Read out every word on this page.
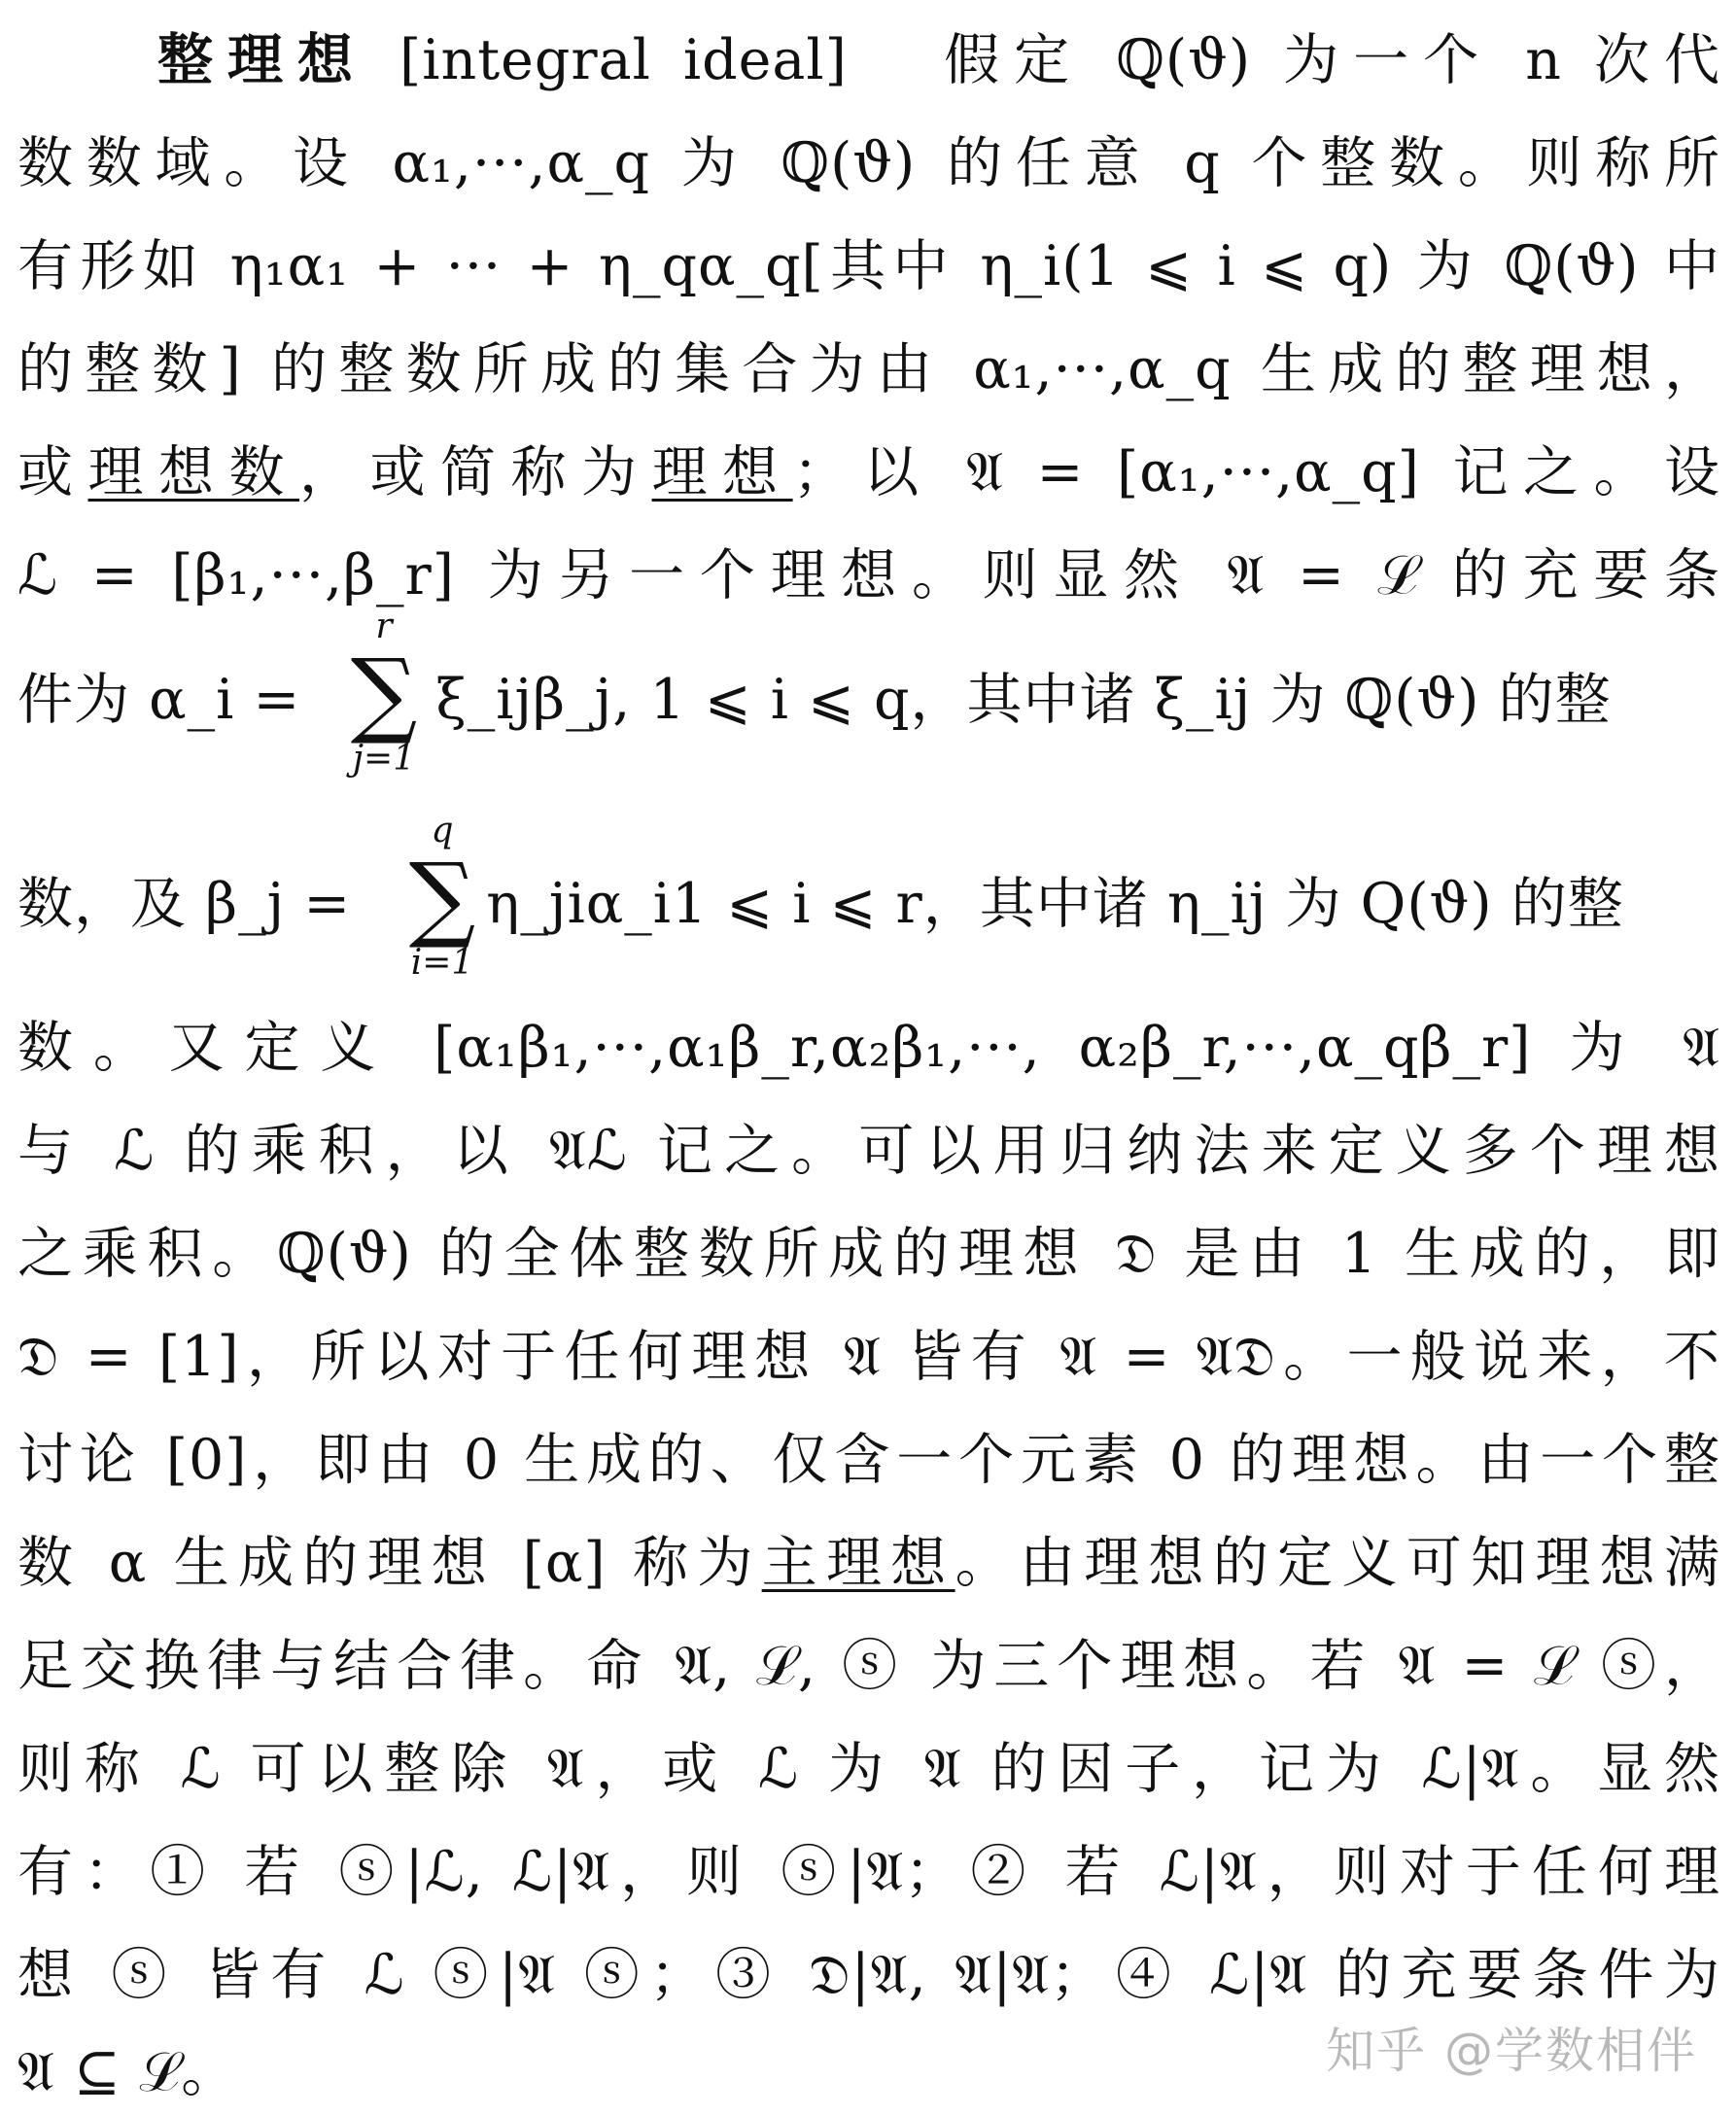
整理想 [integral ideal] 假定 ℚ(ϑ) 为一个 n 次代
数数域。设 α₁,···,α_q 为 ℚ(ϑ) 的任意 q 个整数。则称所
有形如 η₁α₁ + ··· + η_qα_q[其中 η_i(1 ⩽ i ⩽ q) 为 ℚ(ϑ) 中
的整数] 的整数所成的集合为由 α₁,···,α_q 生成的整理想，
或理想数，或简称为理想；以 𝔄 = [α₁,···,α_q] 记之。设
ℒ = [β₁,···,β_r] 为另一个理想。则显然 𝔄 = ℒ 的充要条
件为 α_i = ξ_ijβ_j, 1 ⩽ i ⩽ q，其中诸 ξ_ij 为 ℚ(ϑ) 的整
r
∑
j=1
数，及 β_j = η_jiα_i1 ⩽ i ⩽ r，其中诸 η_ij 为 Q(ϑ) 的整
q
∑
i=1
数。又定义 [α₁β₁,···,α₁β_r,α₂β₁,···, α₂β_r,···,α_qβ_r] 为 𝔄
与 ℒ 的乘积，以 𝔄ℒ 记之。可以用归纳法来定义多个理想
之乘积。ℚ(ϑ) 的全体整数所成的理想 𝔇 是由 1 生成的，即
𝔇 = [1]，所以对于任何理想 𝔄 皆有 𝔄 = 𝔄𝔇。一般说来，不
讨论 [0]，即由 0 生成的、仅含一个元素 0 的理想。由一个整
数 α 生成的理想 [α] 称为主理想。由理想的定义可知理想满
足交换律与结合律。命 𝔄, ℒ, ⓢ 为三个理想。若 𝔄 = ℒ ⓢ，
则称 ℒ 可以整除 𝔄，或 ℒ 为 𝔄 的因子，记为 ℒ|𝔄。显然
有：① 若 ⓢ|ℒ, ℒ|𝔄，则 ⓢ|𝔄；② 若 ℒ|𝔄，则对于任何理
想 ⓢ 皆有 ℒ ⓢ|𝔄 ⓢ；③ 𝔇|𝔄, 𝔄|𝔄；④ ℒ|𝔄 的充要条件为
𝔄 ⊆ ℒ。	知乎 @学数相伴
